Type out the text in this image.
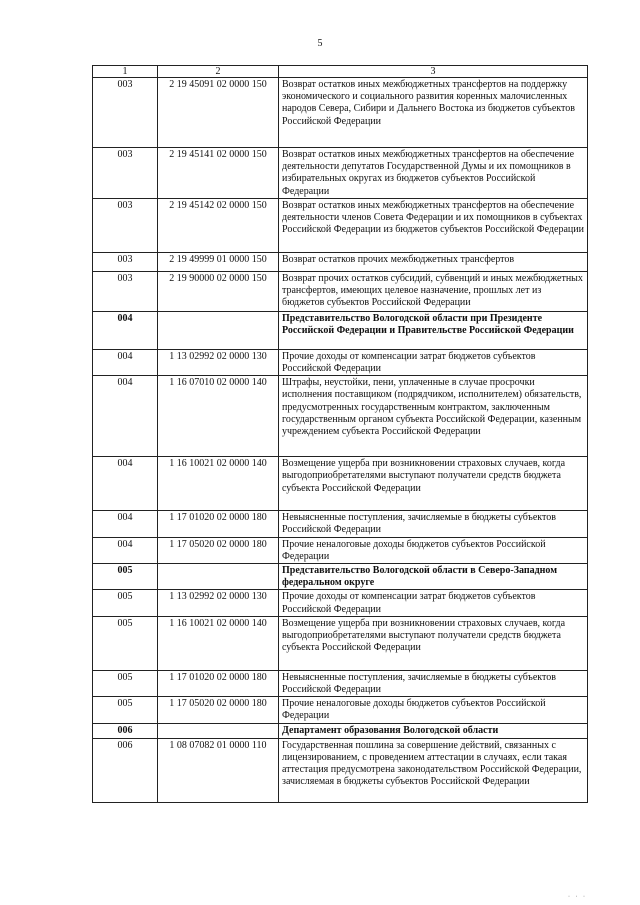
5
1	2	3
003	2 19 45091 02 0000 150	Возврат остатков иных межбюджетных трансфертов на поддержку экономического и социального развития коренных малочисленных народов Севера, Сибири и Дальнего Востока из бюджетов субъектов Российской Федерации
003	2 19 45141 02 0000 150	Возврат остатков иных межбюджетных трансфертов на обеспечение деятельности депутатов Государственной Думы и их помощников в избирательных округах из бюджетов субъектов Российской Федерации
003	2 19 45142 02 0000 150	Возврат остатков иных межбюджетных трансфертов на обеспечение деятельности членов Совета Федерации и их помощников в субъектах Российской Федерации из бюджетов субъектов Российской Федерации
003	2 19 49999 01 0000 150	Возврат остатков прочих межбюджетных трансфертов
003	2 19 90000 02 0000 150	Возврат прочих остатков субсидий, субвенций и иных межбюджетных трансфертов, имеющих целевое назначение, прошлых лет из бюджетов субъектов Российской Федерации
004		Представительство Вологодской области при Президенте Российской Федерации и Правительстве Российской Федерации
004	1 13 02992 02 0000 130	Прочие доходы от компенсации затрат бюджетов субъектов Российской Федерации
004	1 16 07010 02 0000 140	Штрафы, неустойки, пени, уплаченные в случае просрочки исполнения поставщиком (подрядчиком, исполнителем) обязательств, предусмотренных государственным контрактом, заключенным государственным органом субъекта Российской Федерации, казенным учреждением субъекта Российской Федерации
004	1 16 10021 02 0000 140	Возмещение ущерба при возникновении страховых случаев, когда выгодоприобретателями выступают получатели средств бюджета субъекта Российской Федерации
004	1 17 01020 02 0000 180	Невыясненные поступления, зачисляемые в бюджеты субъектов Российской Федерации
004	1 17 05020 02 0000 180	Прочие неналоговые доходы бюджетов субъектов Российской Федерации
005		Представительство Вологодской области в Северо-Западном федеральном округе
005	1 13 02992 02 0000 130	Прочие доходы от компенсации затрат бюджетов субъектов Российской Федерации
005	1 16 10021 02 0000 140	Возмещение ущерба при возникновении страховых случаев, когда выгодоприобретателями выступают получатели средств бюджета субъекта Российской Федерации
005	1 17 01020 02 0000 180	Невыясненные поступления, зачисляемые в бюджеты субъектов Российской Федерации
005	1 17 05020 02 0000 180	Прочие неналоговые доходы бюджетов субъектов Российской Федерации
006		Департамент образования Вологодской области
006	1 08 07082 01 0000 110	Государственная пошлина за совершение действий, связанных с лицензированием, с проведением аттестации в случаях, если такая аттестация предусмотрена законодательством Российской Федерации, зачисляемая в бюджеты субъектов Российской Федерации
· · ·
